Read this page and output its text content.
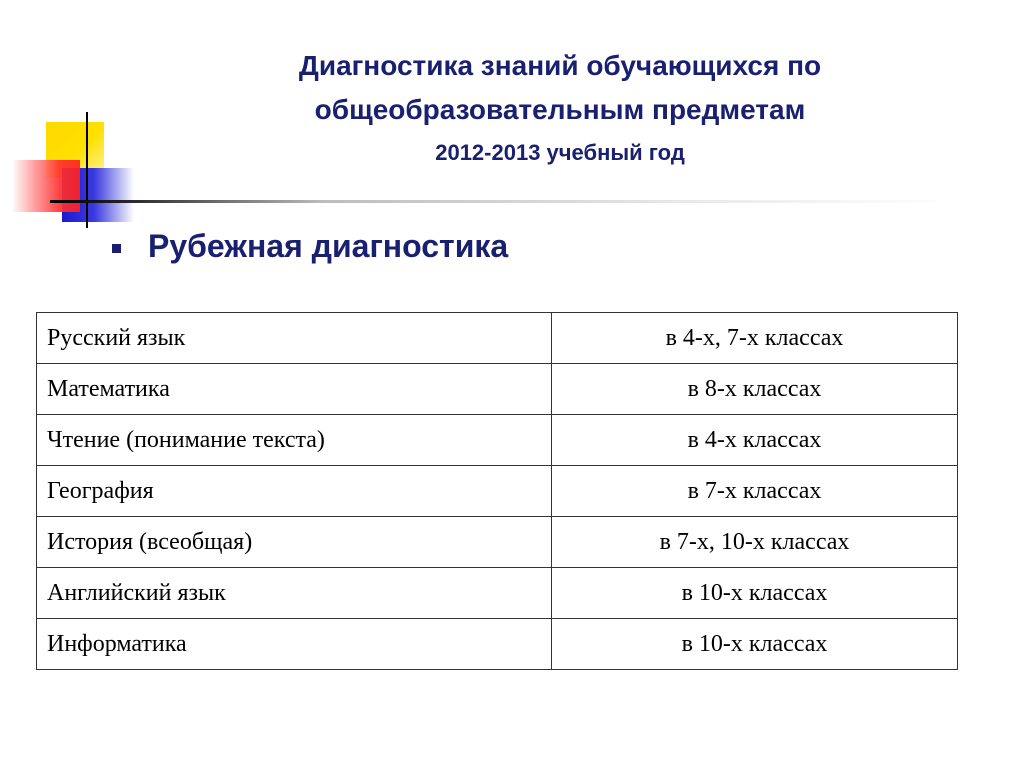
Диагностика знаний обучающихся по
общеобразовательным предметам
2012-2013 учебный год
Рубежная диагностика
Русский язык	в 4-х, 7-х классах
Математика	в 8-х классах
Чтение (понимание текста)	в 4-х классах
География	в 7-х классах
История (всеобщая)	в 7-х, 10-х классах
Английский язык	в 10-х классах
Информатика	в 10-х классах
